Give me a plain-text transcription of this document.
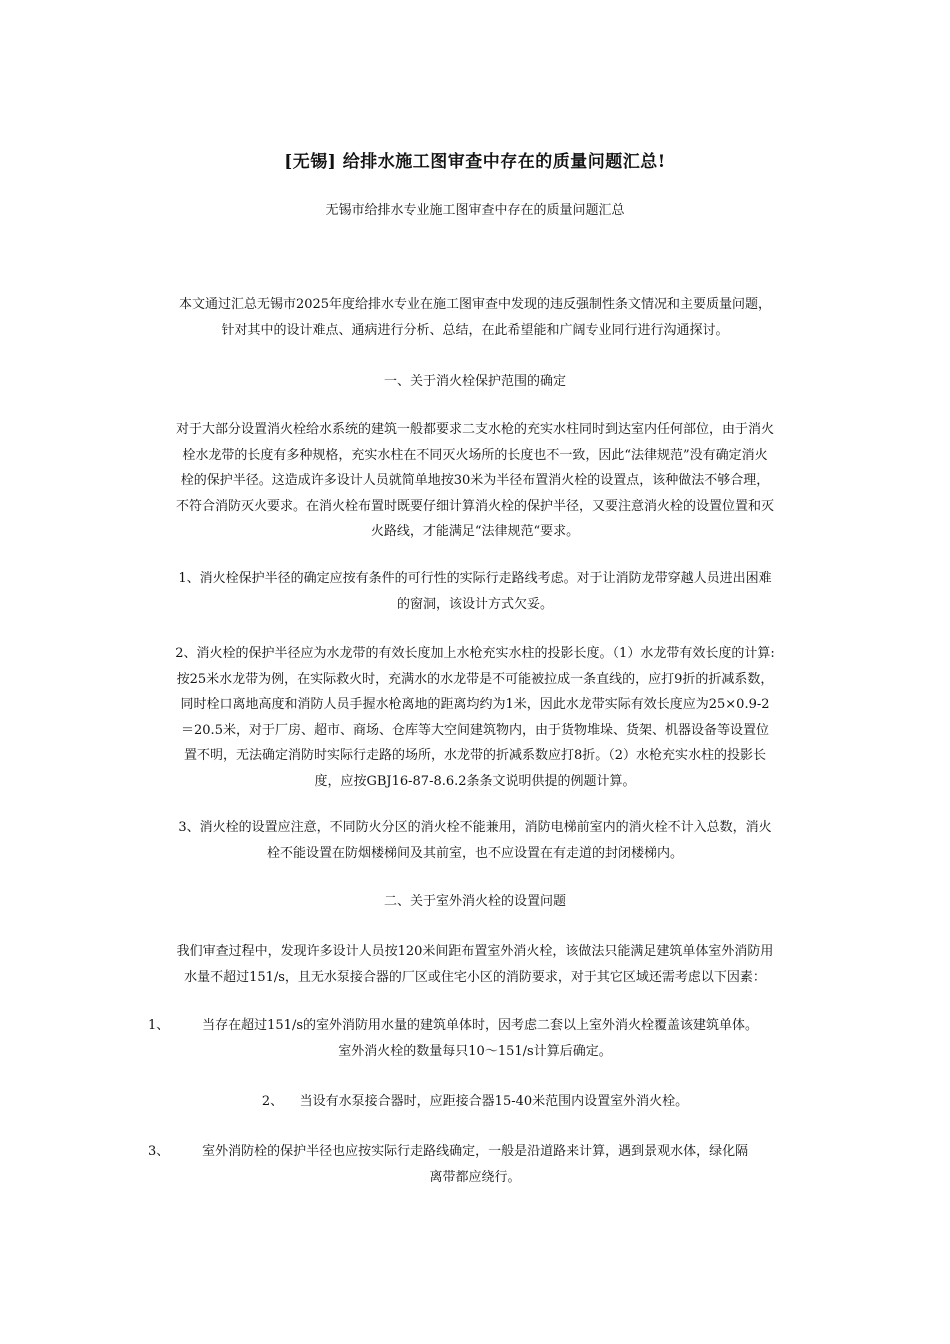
[无锡] 给排水施工图审查中存在的质量问题汇总!

无锡市给排水专业施工图审查中存在的质量问题汇总

本文通过汇总无锡市2025年度给排水专业在施工图审查中发现的违反强制性条文情况和主要质量问题，
针对其中的设计难点、通病进行分析、总结，在此希望能和广阔专业同行进行沟通探讨。

一、关于消火栓保护范围的确定

对于大部分设置消火栓给水系统的建筑一般都要求二支水枪的充实水柱同时到达室内任何部位，由于消火
栓水龙带的长度有多种规格，充实水柱在不同灭火场所的长度也不一致，因此“法律规范”没有确定消火
栓的保护半径。这造成许多设计人员就简单地按30米为半径布置消火栓的设置点，该种做法不够合理，
不符合消防灭火要求。在消火栓布置时既要仔细计算消火栓的保护半径，又要注意消火栓的设置位置和灭
火路线，才能满足“法律规范“要求。

1、消火栓保护半径的确定应按有条件的可行性的实际行走路线考虑。对于让消防龙带穿越人员进出困难
的窗洞，该设计方式欠妥。

2、消火栓的保护半径应为水龙带的有效长度加上水枪充实水柱的投影长度。（1）水龙带有效长度的计算:
按25米水龙带为例，在实际救火时，充满水的水龙带是不可能被拉成一条直线的，应打9折的折减系数，
同时栓口离地高度和消防人员手握水枪离地的距离均约为1米，因此水龙带实际有效长度应为25×0.9-2
＝20.5米，对于厂房、超市、商场、仓库等大空间建筑物内，由于货物堆垛、货架、机器设备等设置位
置不明，无法确定消防时实际行走路的场所，水龙带的折减系数应打8折。（2）水枪充实水柱的投影长
度，应按GBJ16-87-8.6.2条条文说明供提的例题计算。

3、消火栓的设置应注意，不同防火分区的消火栓不能兼用，消防电梯前室内的消火栓不计入总数，消火
栓不能设置在防烟楼梯间及其前室，也不应设置在有走道的封闭楼梯内。

二、关于室外消火栓的设置问题

我们审查过程中，发现许多设计人员按120米间距布置室外消火栓，该做法只能满足建筑单体室外消防用
水量不超过151/s，且无水泵接合器的厂区或住宅小区的消防要求，对于其它区域还需考虑以下因素：

1、	当存在超过151/s的室外消防用水量的建筑单体时，因考虑二套以上室外消火栓覆盖该建筑单体。
室外消火栓的数量每只10～151/s计算后确定。
2、 当设有水泵接合器时，应距接合器15-40米范围内设置室外消火栓。
3、	室外消防栓的保护半径也应按实际行走路线确定，一般是沿道路来计算，遇到景观水体，绿化隔
离带都应绕行。
